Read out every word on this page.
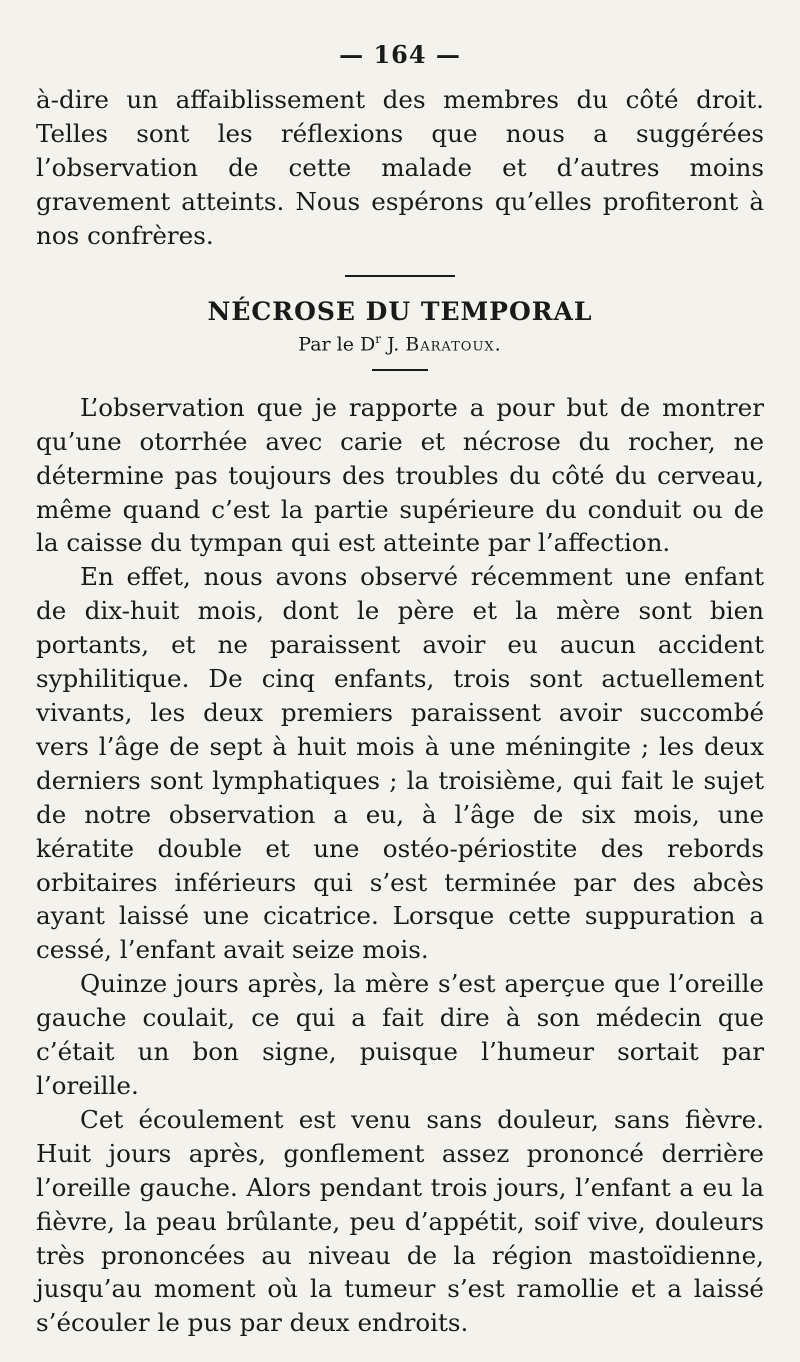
— 164 —

à-dire un affaiblissement des membres du côté droit. Telles sont les réflexions que nous a suggérées l’observation de cette malade et d’autres moins gravement atteints. Nous espérons qu’elles profiteront à nos confrères.

NÉCROSE DU TEMPORAL

Par le $D^r$ J. Baratoux.

L’observation que je rapporte a pour but de montrer qu’une otorrhée avec carie et nécrose du rocher, ne détermine pas toujours des troubles du côté du cerveau, même quand c’est la partie supérieure du conduit ou de la caisse du tympan qui est atteinte par l’affection.

En effet, nous avons observé récemment une enfant de dix-huit mois, dont le père et la mère sont bien portants, et ne paraissent avoir eu aucun accident syphilitique. De cinq enfants, trois sont actuellement vivants, les deux premiers paraissent avoir succombé vers l’âge de sept à huit mois à une méningite ; les deux derniers sont lymphatiques ; la troisième, qui fait le sujet de notre observation a eu, à l’âge de six mois, une kératite double et une ostéo-périostite des rebords orbitaires inférieurs qui s’est terminée par des abcès ayant laissé une cicatrice. Lorsque cette suppuration a cessé, l’enfant avait seize mois.

Quinze jours après, la mère s’est aperçue que l’oreille gauche coulait, ce qui a fait dire à son médecin que c’était un bon signe, puisque l’humeur sortait par l’oreille.

Cet écoulement est venu sans douleur, sans fièvre. Huit jours après, gonflement assez prononcé derrière l’oreille gauche. Alors pendant trois jours, l’enfant a eu la fièvre, la peau brûlante, peu d’appétit, soif vive, douleurs très prononcées au niveau de la région mastoïdienne, jusqu’au moment où la tumeur s’est ramollie et a laissé s’écouler le pus par deux endroits.
